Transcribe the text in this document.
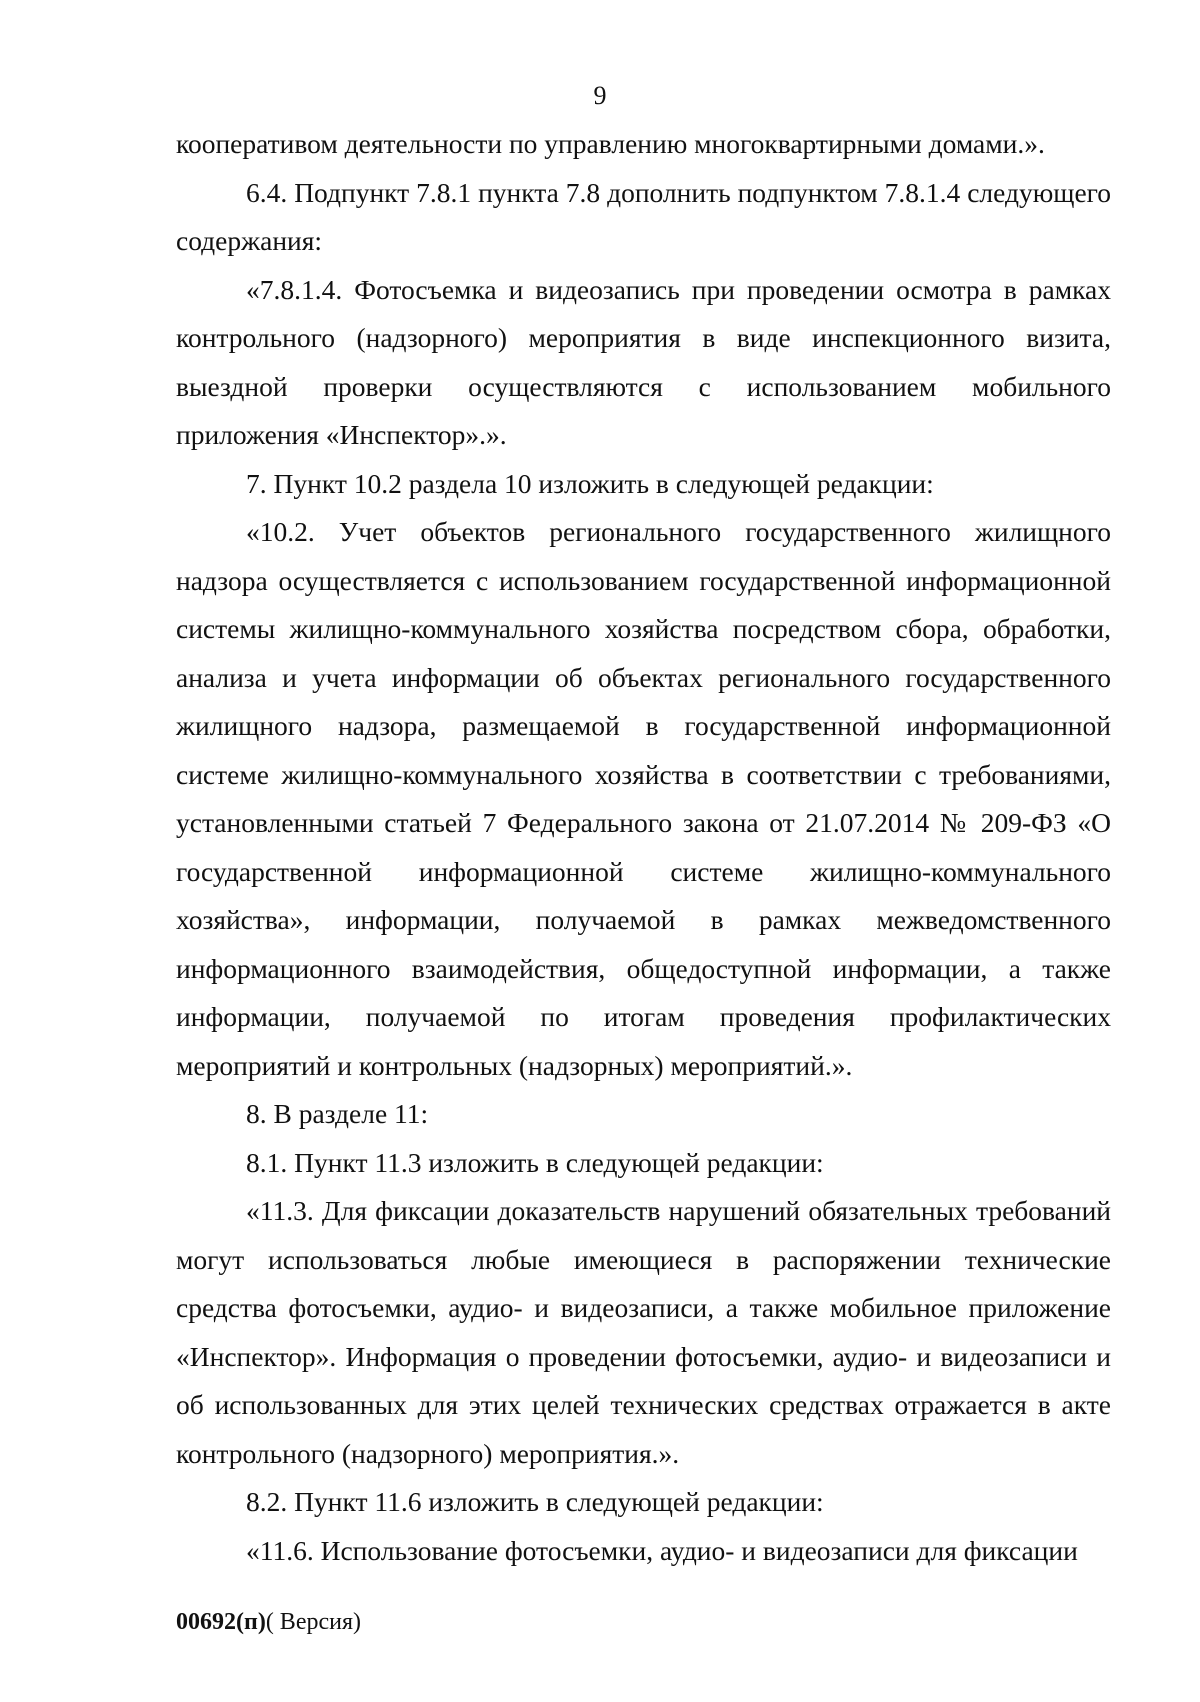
9

кооперативом деятельности по управлению многоквартирными домами.».

6.4. Подпункт 7.8.1 пункта 7.8 дополнить подпунктом 7.8.1.4 следующего содержания:

«7.8.1.4. Фотосъемка и видеозапись при проведении осмотра в рамках контрольного (надзорного) мероприятия в виде инспекционного визита, выездной проверки осуществляются с использованием мобильного приложения «Инспектор».».

7. Пункт 10.2 раздела 10 изложить в следующей редакции:

«10.2. Учет объектов регионального государственного жилищного надзора осуществляется с использованием государственной информационной системы жилищно-коммунального хозяйства посредством сбора, обработки, анализа и учета информации об объектах регионального государственного жилищного надзора, размещаемой в государственной информационной системе жилищно-коммунального хозяйства в соответствии с требованиями, установленными статьей 7 Федерального закона от 21.07.2014 № 209-ФЗ «О государственной информационной системе жилищно-коммунального хозяйства», информации, получаемой в рамках межведомственного информационного взаимодействия, общедоступной информации, а также информации, получаемой по итогам проведения профилактических мероприятий и контрольных (надзорных) мероприятий.».

8. В разделе 11:

8.1. Пункт 11.3 изложить в следующей редакции:

«11.3. Для фиксации доказательств нарушений обязательных требований могут использоваться любые имеющиеся в распоряжении технические средства фотосъемки, аудио- и видеозаписи, а также мобильное приложение «Инспектор». Информация о проведении фотосъемки, аудио- и видеозаписи и об использованных для этих целей технических средствах отражается в акте контрольного (надзорного) мероприятия.».

8.2. Пункт 11.6 изложить в следующей редакции:

«11.6. Использование фотосъемки, аудио- и видеозаписи для фиксации

00692(п)( Версия)
